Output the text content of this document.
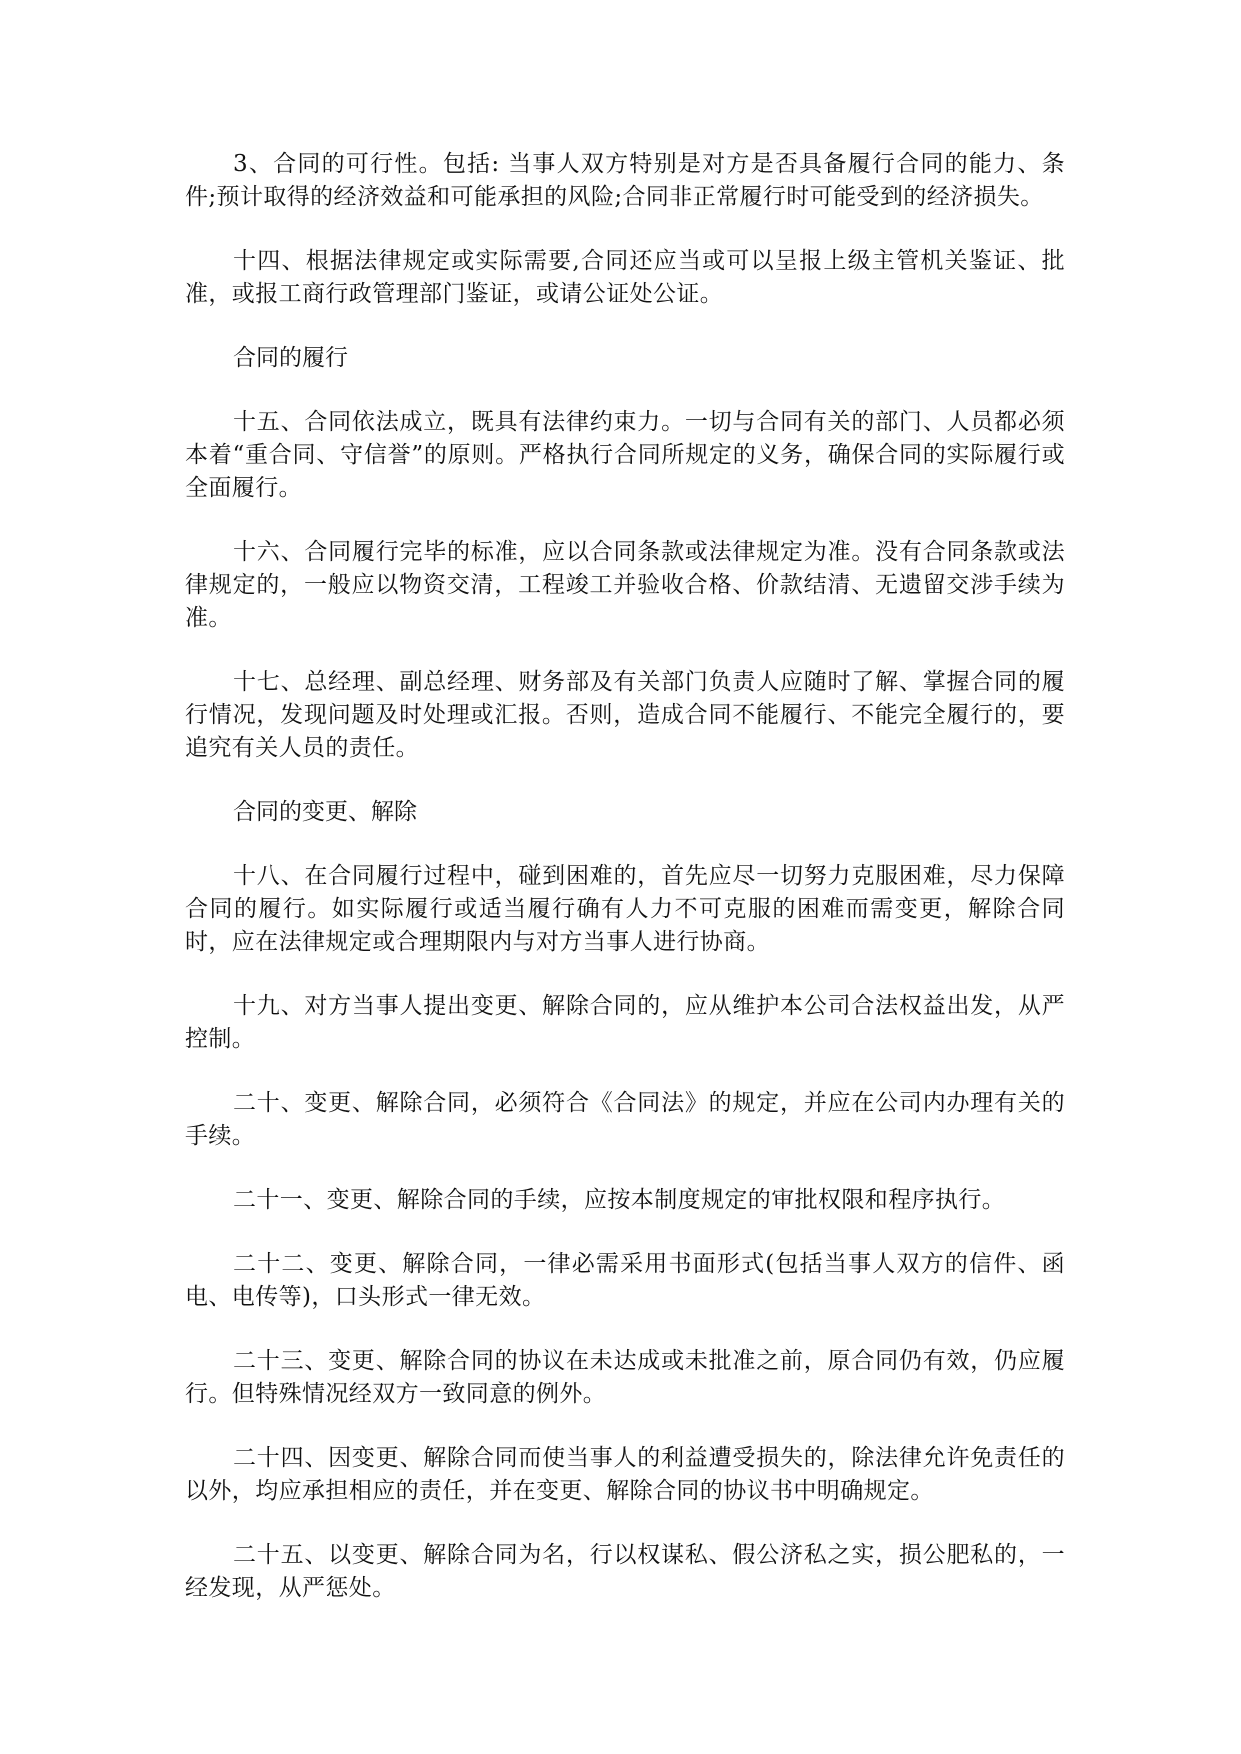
3、合同的可行性。包括: 当事人双方特别是对方是否具备履行合同的能力、条件;预计取得的经济效益和可能承担的风险;合同非正常履行时可能受到的经济损失。

十四、根据法律规定或实际需要,合同还应当或可以呈报上级主管机关鉴证、批准，或报工商行政管理部门鉴证，或请公证处公证。

合同的履行

十五、合同依法成立，既具有法律约束力。一切与合同有关的部门、人员都必须本着“重合同、守信誉”的原则。严格执行合同所规定的义务，确保合同的实际履行或全面履行。

十六、合同履行完毕的标准，应以合同条款或法律规定为准。没有合同条款或法律规定的，一般应以物资交清，工程竣工并验收合格、价款结清、无遗留交涉手续为准。

十七、总经理、副总经理、财务部及有关部门负责人应随时了解、掌握合同的履行情况，发现问题及时处理或汇报。否则，造成合同不能履行、不能完全履行的，要追究有关人员的责任。

合同的变更、解除

十八、在合同履行过程中，碰到困难的，首先应尽一切努力克服困难，尽力保障合同的履行。如实际履行或适当履行确有人力不可克服的困难而需变更，解除合同时，应在法律规定或合理期限内与对方当事人进行协商。

十九、对方当事人提出变更、解除合同的，应从维护本公司合法权益出发，从严控制。

二十、变更、解除合同，必须符合《合同法》的规定，并应在公司内办理有关的手续。

二十一、变更、解除合同的手续，应按本制度规定的审批权限和程序执行。

二十二、变更、解除合同，一律必需采用书面形式(包括当事人双方的信件、函电、电传等)，口头形式一律无效。

二十三、变更、解除合同的协议在未达成或未批准之前，原合同仍有效，仍应履行。但特殊情况经双方一致同意的例外。

二十四、因变更、解除合同而使当事人的利益遭受损失的，除法律允许免责任的以外，均应承担相应的责任，并在变更、解除合同的协议书中明确规定。

二十五、以变更、解除合同为名，行以权谋私、假公济私之实，损公肥私的，一经发现，从严惩处。
